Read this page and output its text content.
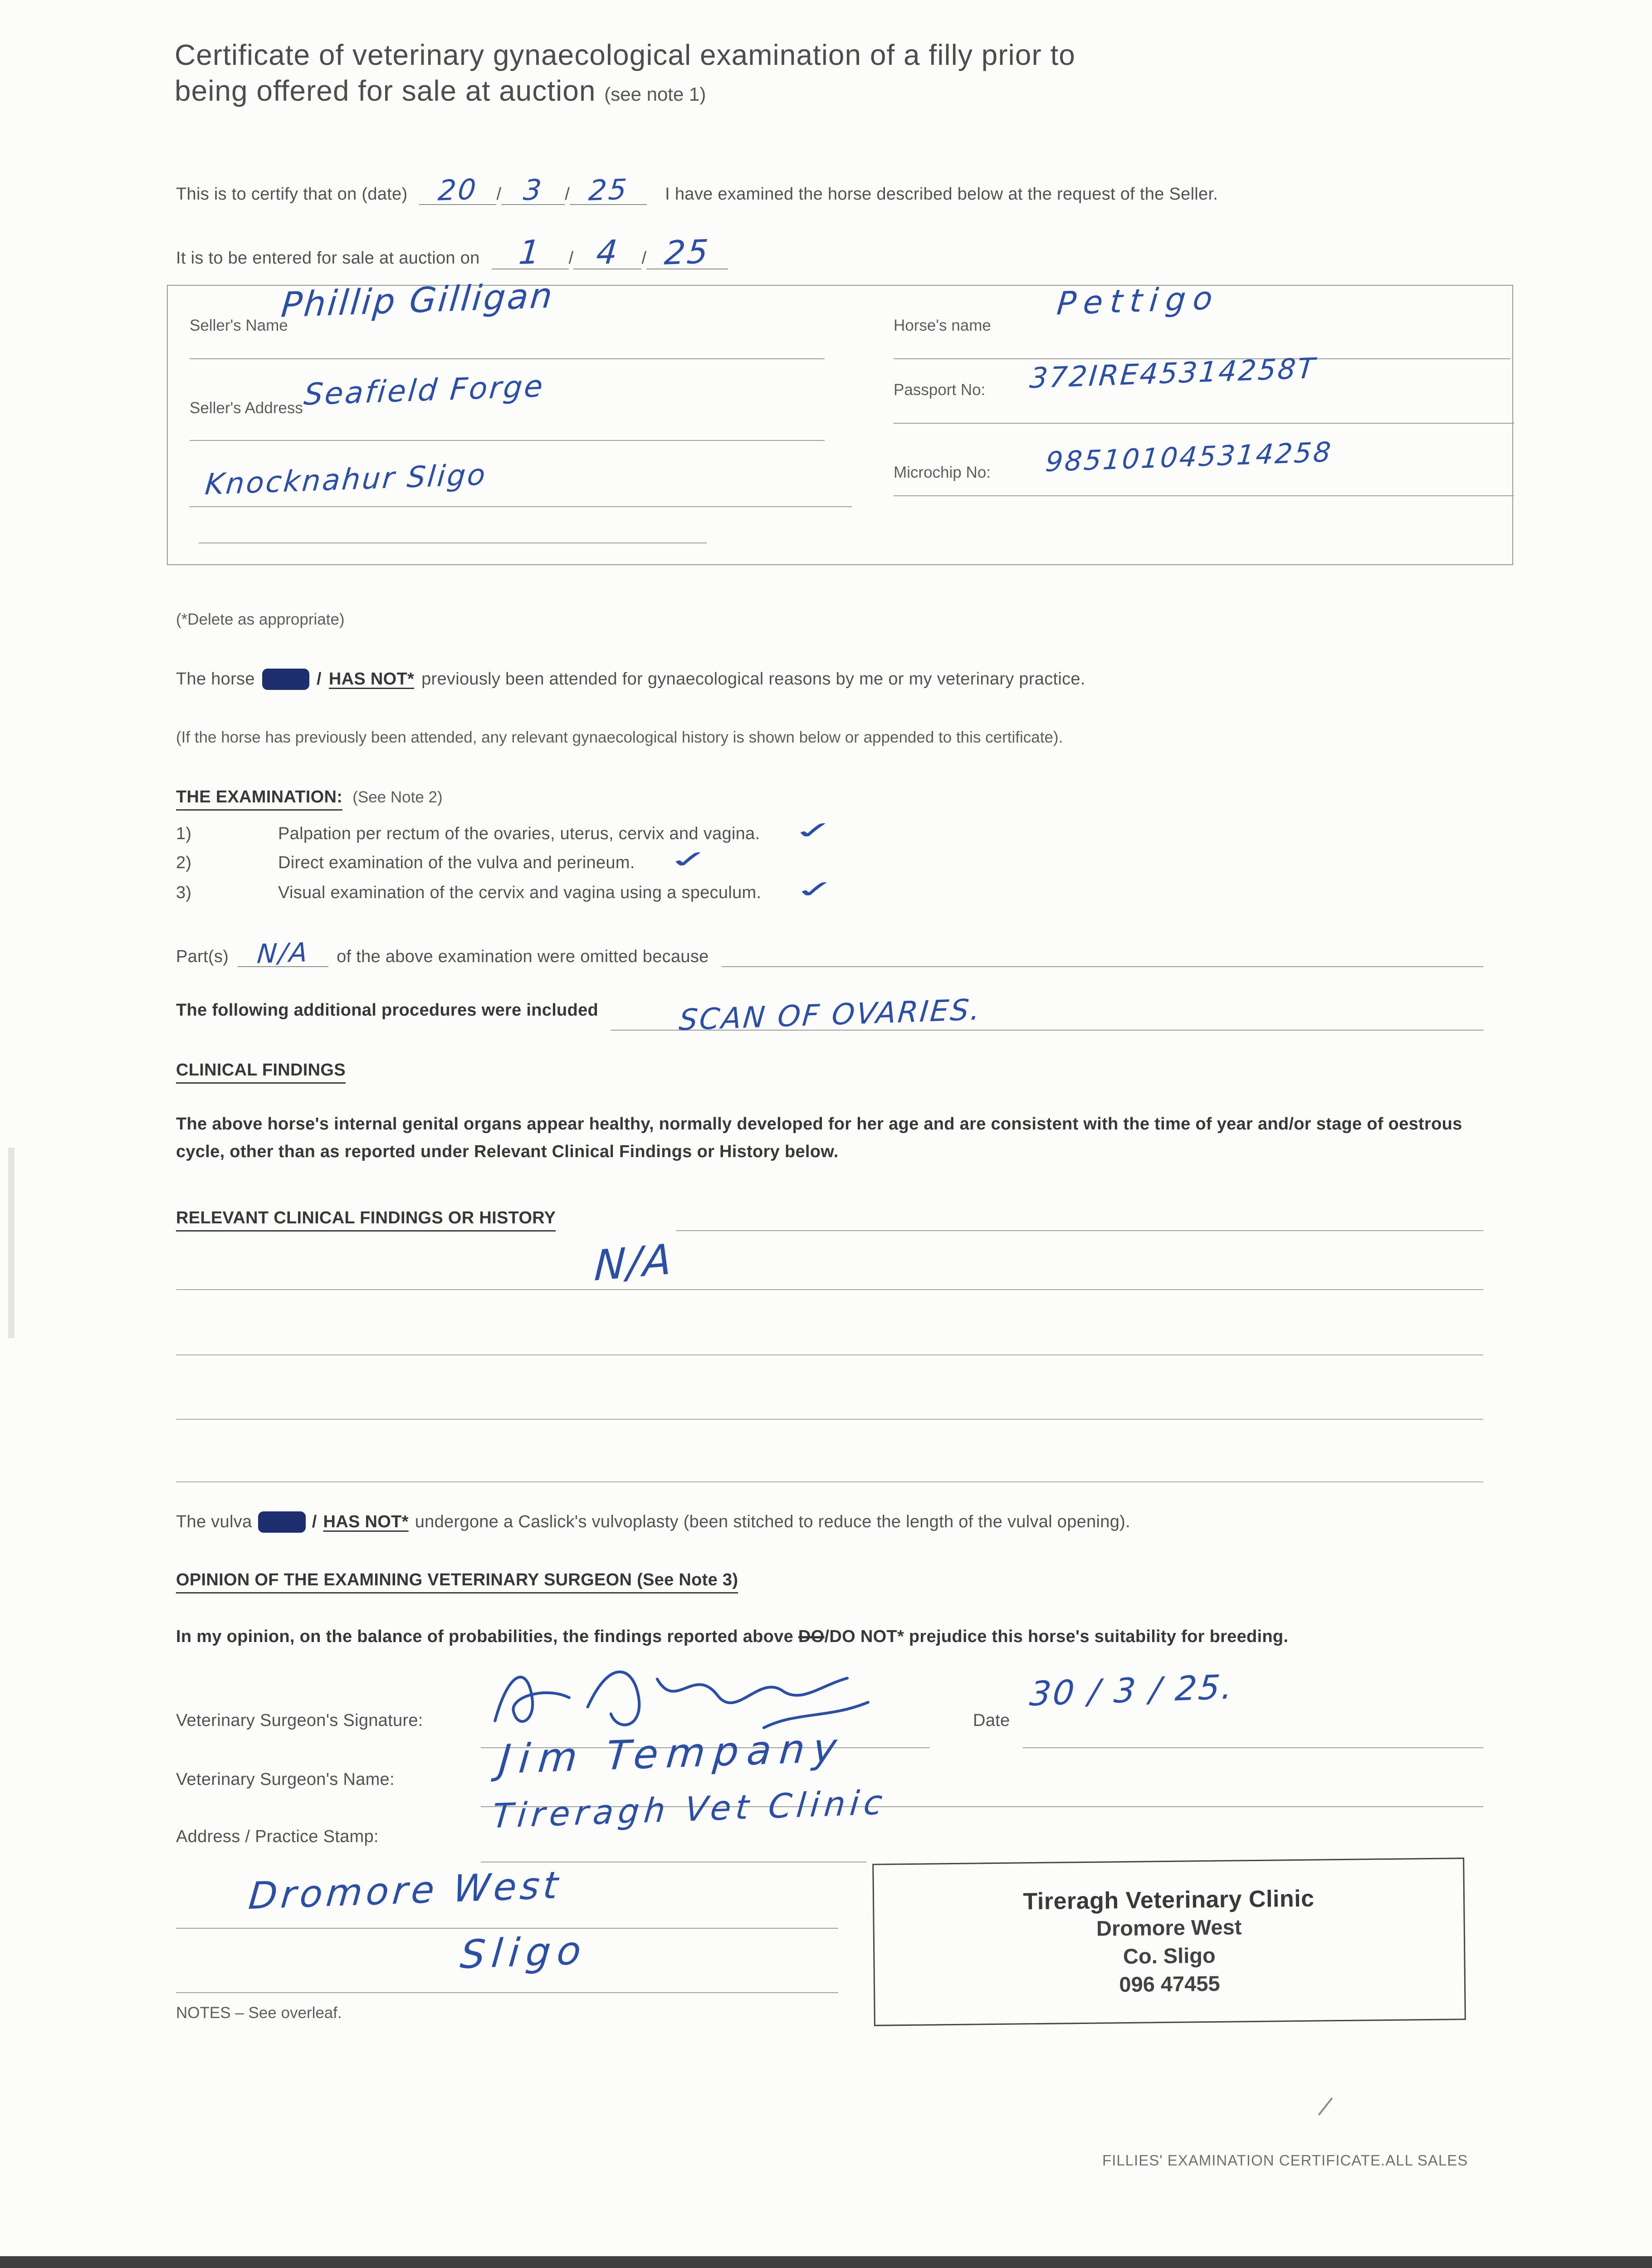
Certificate of veterinary gynaecological examination of a filly prior to
being offered for sale at auction (see note 1)
This is to certify that on (date)	20	/ 3	/ 25	I have examined the horse described below at the request of the Seller.
It is to be entered for sale at auction on	1	/ 4	/ 25
Seller's Name
Phillip Gilligan
Horse's name
Pettigo
Seller's Address
Seafield Forge	Passport No: 372IRE45314258T
Knocknahur Sligo	Microchip No: 985101045314258
(*Delete as appropriate)
The horse HAS / HAS NOT* previously been attended for gynaecological reasons by me or my veterinary practice.
(If the horse has previously been attended, any relevant gynaecological history is shown below or appended to this certificate).
THE EXAMINATION: (See Note 2)
1)	Palpation per rectum of the ovaries, uterus, cervix and vagina. ✓
2)	Direct examination of the vulva and perineum. ✓
3)	Visual examination of the cervix and vagina using a speculum. ✓
Part(s)	N/A	of the above examination were omitted because
The following additional procedures were included	SCAN OF OVARIES.
CLINICAL FINDINGS
The above horse's internal genital organs appear healthy, normally developed for her age and are consistent with the time of year and/or stage of oestrous cycle, other than as reported under Relevant Clinical Findings or History below.
RELEVANT CLINICAL FINDINGS OR HISTORY
N/A
The vulva HAS / HAS NOT* undergone a Caslick's vulvoplasty (been stitched to reduce the length of the vulval opening).
OPINION OF THE EXAMINING VETERINARY SURGEON (See Note 3)
In my opinion, on the balance of probabilities, the findings reported above DO/DO NOT* prejudice this horse's suitability for breeding.
Veterinary Surgeon's Signature:	Date
30 / 3 / 25.
Veterinary Surgeon's Name:	Jim Tempany
Address / Practice Stamp:
Tireragh Vet Clinic
Dromore West
Sligo
Tireragh Veterinary Clinic
Dromore West
Co. Sligo
096 47455
NOTES – See overleaf.
FILLIES' EXAMINATION CERTIFICATE.ALL SALES
